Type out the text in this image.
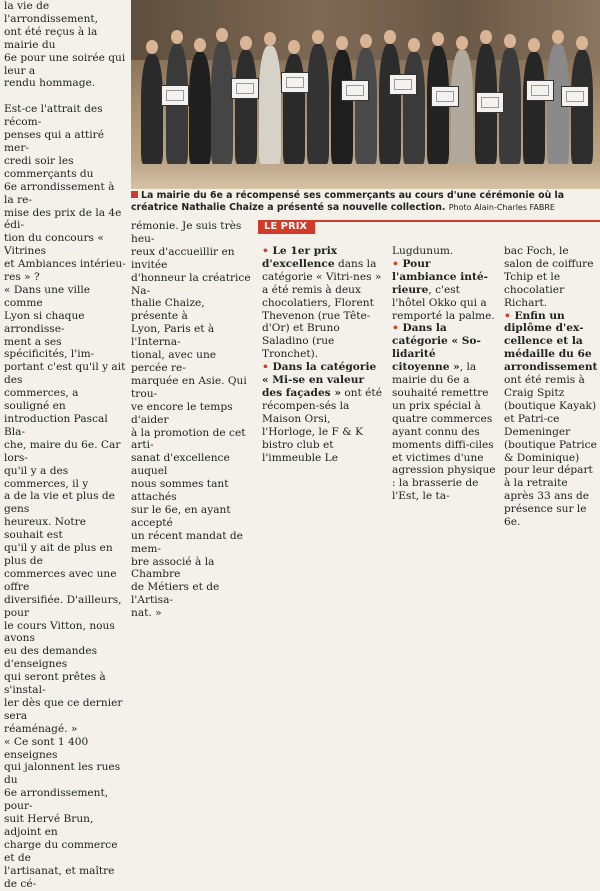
la vie de l'arrondissement,

ont été reçus à la mairie du

6e pour une soirée qui leur a

rendu hommage.

Est-ce l'attrait des récom-

penses qui a attiré mer-

credi soir les commerçants du

6e arrondissement à la re-

mise des prix de la 4e édi-

tion du concours « Vitrines

et Ambiances intérieu-

res » ?

« Dans une ville comme

Lyon si chaque arrondisse-

ment a ses spécificités, l'im-

portant c'est qu'il y ait des

commerces, a souligné en

introduction Pascal Bla-

che, maire du 6e. Car lors-

qu'il y a des commerces, il y

a de la vie et plus de gens

heureux. Notre souhait est

qu'il y ait de plus en plus de

commerces avec une offre

diversifiée. D'ailleurs, pour

le cours Vitton, nous avons

eu des demandes d'enseignes

qui seront prêtes à s'instal-

ler dès que ce dernier sera

réaménagé. »

« Ce sont 1 400 enseignes

qui jalonnent les rues du

6e arrondissement, pour-

suit Hervé Brun, adjoint en

charge du commerce et de

l'artisanat, et maître de cé-

La mairie du 6e a récompensé ses commerçants au cours d'une cérémonie où la créatrice Nathalie Chaize a présenté sa nouvelle collection. Photo Alain-Charles FABRE

rémonie. Je suis très heu-

reux d'accueillir en invitée

d'honneur la créatrice Na-

thalie Chaize, présente à

Lyon, Paris et à l'Interna-

tional, avec une percée re-

marquée en Asie. Qui trou-

ve encore le temps d'aider

à la promotion de cet arti-

sanat d'excellence auquel

nous sommes tant attachés

sur le 6e, en ayant accepté

un récent mandat de mem-

bre associé à la Chambre

de Métiers et de l'Artisa-

nat. »

LE PRIX

• Le 1er prix d'excellence dans la catégorie « Vitri-nes » a été remis à deux chocolatiers, Florent Thevenon (rue Tête-d'Or) et Bruno Saladino (rue Tronchet).

• Dans la catégorie « Mi-se en valeur des façades » ont été récompen-sés la Maison Orsi, l'Horloge, le F & K bistro club et l'immeuble Le

Lugdunum.

• Pour l'ambiance inté-rieure, c'est l'hôtel Okko qui a remporté la palme.

• Dans la catégorie « So-lidarité citoyenne », la mairie du 6e a souhaité remettre un prix spécial à quatre commerces ayant connu des moments diffi-ciles et victimes d'une agression physique : la brasserie de l'Est, le ta-

bac Foch, le salon de coiffure Tchip et le chocolatier Richart.

• Enfin un diplôme d'ex-cellence et la médaille du 6e arrondissement ont été remis à Craig Spitz (boutique Kayak) et Patri-ce Demeninger (boutique Patrice & Dominique) pour leur départ à la retraite après 33 ans de présence sur le 6e.
